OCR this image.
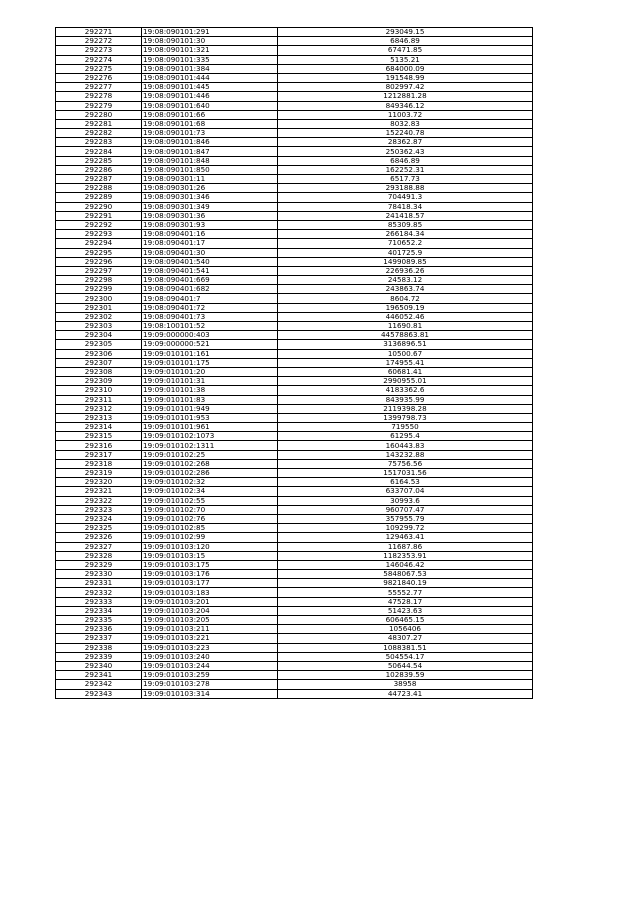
292271	19:08:090101:291	293049.15
292272	19:08:090101:30	6846.89
292273	19:08:090101:321	67471.85
292274	19:08:090101:335	5135.21
292275	19:08:090101:384	684000.09
292276	19:08:090101:444	191548.99
292277	19:08:090101:445	802997.42
292278	19:08:090101:446	1212881.28
292279	19:08:090101:640	849346.12
292280	19:08:090101:66	11003.72
292281	19:08:090101:68	8032.83
292282	19:08:090101:73	152240.78
292283	19:08:090101:846	28362.87
292284	19:08:090101:847	250362.43
292285	19:08:090101:848	6846.89
292286	19:08:090101:850	162252.31
292287	19:08:090301:11	6517.73
292288	19:08:090301:26	293188.88
292289	19:08:090301:346	704491.3
292290	19:08:090301:349	78418.34
292291	19:08:090301:36	241418.57
292292	19:08:090301:93	85309.85
292293	19:08:090401:16	266184.34
292294	19:08:090401:17	710652.2
292295	19:08:090401:30	401725.9
292296	19:08:090401:540	1499089.85
292297	19:08:090401:541	226936.26
292298	19:08:090401:669	24583.12
292299	19:08:090401:682	243863.74
292300	19:08:090401:7	8604.72
292301	19:08:090401:72	196509.19
292302	19:08:090401:73	446052.46
292303	19:08:100101:52	11690.81
292304	19:09:000000:403	44578863.81
292305	19:09:000000:521	3136896.51
292306	19:09:010101:161	10500.67
292307	19:09:010101:175	174955.41
292308	19:09:010101:20	60681.41
292309	19:09:010101:31	2990955.01
292310	19:09:010101:38	4183362.6
292311	19:09:010101:83	843935.99
292312	19:09:010101:949	2119398.28
292313	19:09:010101:953	1399798.73
292314	19:09:010101:961	719550
292315	19:09:010102:1073	61295.4
292316	19:09:010102:1311	160443.83
292317	19:09:010102:25	143232.88
292318	19:09:010102:268	75756.56
292319	19:09:010102:286	1517031.56
292320	19:09:010102:32	6164.53
292321	19:09:010102:34	633707.04
292322	19:09:010102:55	30993.6
292323	19:09:010102:70	960707.47
292324	19:09:010102:76	357955.79
292325	19:09:010102:85	109299.72
292326	19:09:010102:99	129463.41
292327	19:09:010103:120	11687.86
292328	19:09:010103:15	1182353.91
292329	19:09:010103:175	146046.42
292330	19:09:010103:176	5848067.53
292331	19:09:010103:177	9821840.19
292332	19:09:010103:183	55552.77
292333	19:09:010103:201	47528.17
292334	19:09:010103:204	51423.63
292335	19:09:010103:205	606465.15
292336	19:09:010103:211	1056406
292337	19:09:010103:221	48307.27
292338	19:09:010103:223	1088381.51
292339	19:09:010103:240	504554.17
292340	19:09:010103:244	50644.54
292341	19:09:010103:259	102839.59
292342	19:09:010103:278	38958
292343	19:09:010103:314	44723.41
